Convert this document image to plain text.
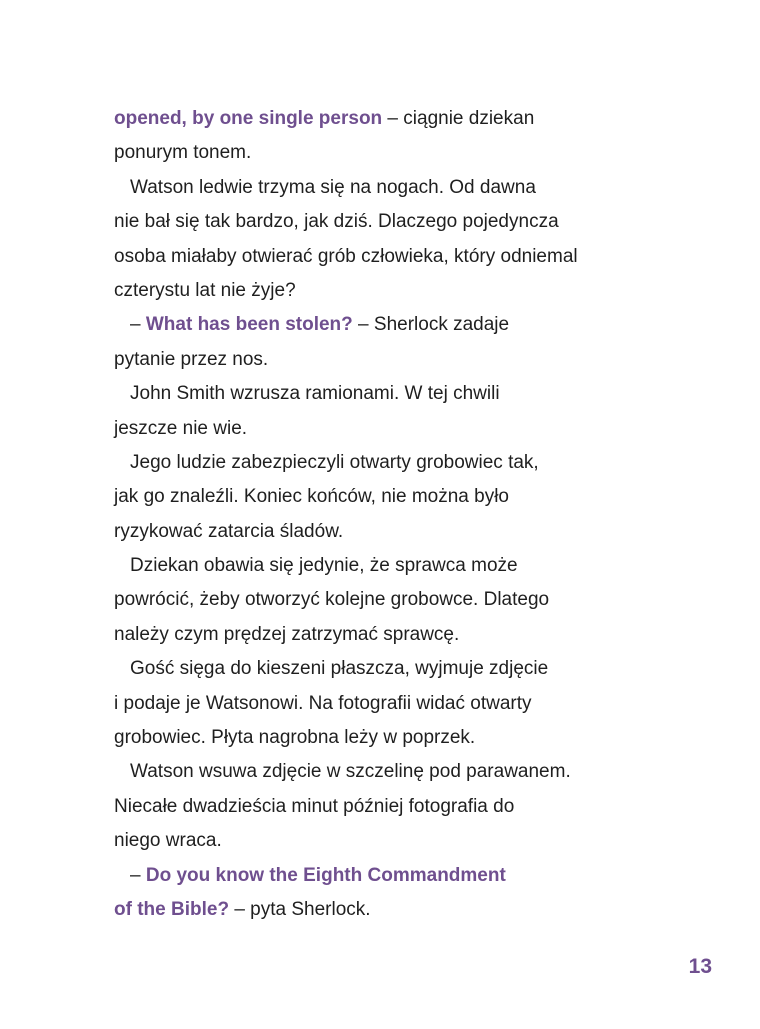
opened, by one single person – ciągnie dziekan
ponurym tonem.
Watson ledwie trzyma się na nogach. Od dawna
nie bał się tak bardzo, jak dziś. Dlaczego pojedyncza
osoba miałaby otwierać grób człowieka, który odniemal
czterystu lat nie żyje?
– What has been stolen? – Sherlock zadaje
pytanie przez nos.
John Smith wzrusza ramionami. W tej chwili
jeszcze nie wie.
Jego ludzie zabezpieczyli otwarty grobowiec tak,
jak go znaleźli. Koniec końców, nie można było
ryzykować zatarcia śladów.
Dziekan obawia się jedynie, że sprawca może
powrócić, żeby otworzyć kolejne grobowce. Dlatego
należy czym prędzej zatrzymać sprawcę.
Gość sięga do kieszeni płaszcza, wyjmuje zdjęcie
i podaje je Watsonowi. Na fotografii widać otwarty
grobowiec. Płyta nagrobna leży w poprzek.
Watson wsuwa zdjęcie w szczelinę pod parawanem.
Niecałe dwadzieścia minut później fotografia do
niego wraca.
– Do you know the Eighth Commandment
of the Bible? – pyta Sherlock.
13
